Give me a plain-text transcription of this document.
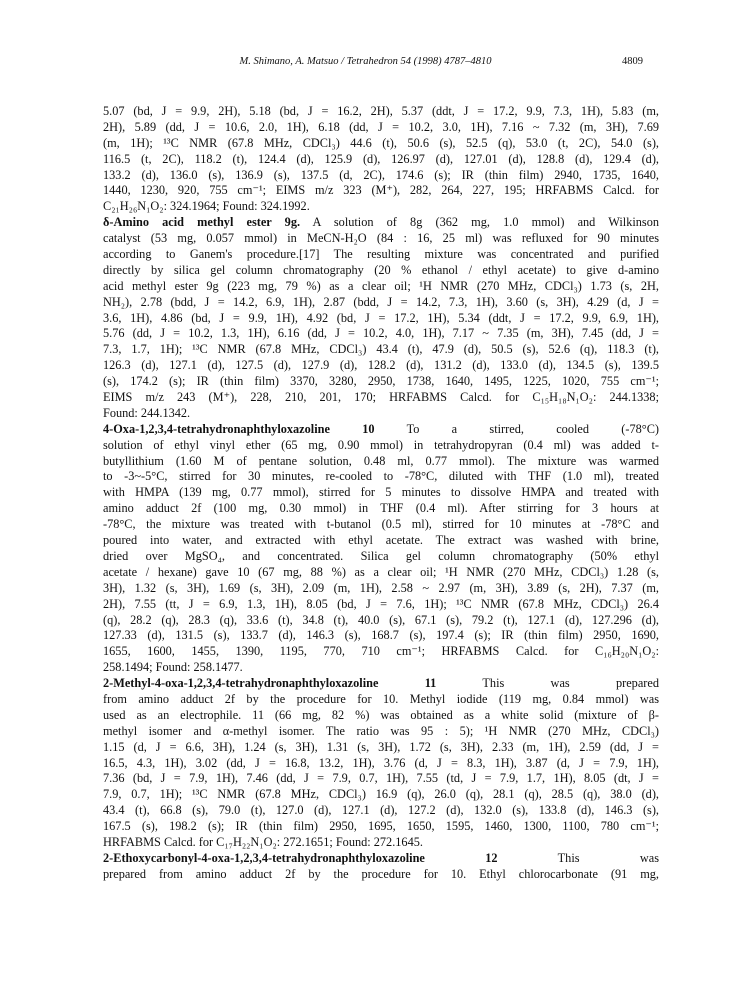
M. Shimano, A. Matsuo / Tetrahedron 54 (1998) 4787–4810	4809
5.07 (bd, J = 9.9, 2H), 5.18 (bd, J = 16.2, 2H), 5.37 (ddt, J = 17.2, 9.9, 7.3, 1H), 5.83 (m,
2H), 5.89 (dd, J = 10.6, 2.0, 1H), 6.18 (dd, J = 10.2, 3.0, 1H), 7.16 ~ 7.32 (m, 3H), 7.69
(m, 1H); ¹³C NMR (67.8 MHz, CDCl₃) 44.6 (t), 50.6 (s), 52.5 (q), 53.0 (t, 2C), 54.0 (s),
116.5 (t, 2C), 118.2 (t), 124.4 (d), 125.9 (d), 126.97 (d), 127.01 (d), 128.8 (d), 129.4 (d),
133.2 (d), 136.0 (s), 136.9 (s), 137.5 (d, 2C), 174.6 (s); IR (thin film) 2940, 1735, 1640,
1440, 1230, 920, 755 cm⁻¹; EIMS m/z 323 (M⁺), 282, 264, 227, 195; HRFABMS Calcd. for
C₂₁H₂₆N₁O₂: 324.1964; Found: 324.1992.
δ-Amino acid methyl ester 9g. A solution of 8g (362 mg, 1.0 mmol) and Wilkinson
catalyst (53 mg, 0.057 mmol) in MeCN-H₂O (84 : 16, 25 ml) was refluxed for 90 minutes
according to Ganem's procedure.[17] The resulting mixture was concentrated and purified
directly by silica gel column chromatography (20 % ethanol / ethyl acetate) to give d-amino
acid methyl ester 9g (223 mg, 79 %) as a clear oil; ¹H NMR (270 MHz, CDCl₃) 1.73 (s, 2H,
NH₂), 2.78 (bdd, J = 14.2, 6.9, 1H), 2.87 (bdd, J = 14.2, 7.3, 1H), 3.60 (s, 3H), 4.29 (d, J =
3.6, 1H), 4.86 (bd, J = 9.9, 1H), 4.92 (bd, J = 17.2, 1H), 5.34 (ddt, J = 17.2, 9.9, 6.9, 1H),
5.76 (dd, J = 10.2, 1.3, 1H), 6.16 (dd, J = 10.2, 4.0, 1H), 7.17 ~ 7.35 (m, 3H), 7.45 (dd, J =
7.3, 1.7, 1H); ¹³C NMR (67.8 MHz, CDCl₃) 43.4 (t), 47.9 (d), 50.5 (s), 52.6 (q), 118.3 (t),
126.3 (d), 127.1 (d), 127.5 (d), 127.9 (d), 128.2 (d), 131.2 (d), 133.0 (d), 134.5 (s), 139.5
(s), 174.2 (s); IR (thin film) 3370, 3280, 2950, 1738, 1640, 1495, 1225, 1020, 755 cm⁻¹;
EIMS m/z 243 (M⁺), 228, 210, 201, 170; HRFABMS Calcd. for C₁₅H₁₈N₁O₂: 244.1338;
Found: 244.1342.
4-Oxa-1,2,3,4-tetrahydronaphthyloxazoline 10 To a stirred, cooled (-78°C)
solution of ethyl vinyl ether (65 mg, 0.90 mmol) in tetrahydropyran (0.4 ml) was added t-
butyllithium (1.60 M of pentane solution, 0.48 ml, 0.77 mmol). The mixture was warmed
to -3~-5°C, stirred for 30 minutes, re-cooled to -78°C, diluted with THF (1.0 ml), treated
with HMPA (139 mg, 0.77 mmol), stirred for 5 minutes to dissolve HMPA and treated with
amino adduct 2f (100 mg, 0.30 mmol) in THF (0.4 ml). After stirring for 3 hours at
-78°C, the mixture was treated with t-butanol (0.5 ml), stirred for 10 minutes at -78°C and
poured into water, and extracted with ethyl acetate. The extract was washed with brine,
dried over MgSO₄, and concentrated. Silica gel column chromatography (50% ethyl
acetate / hexane) gave 10 (67 mg, 88 %) as a clear oil; ¹H NMR (270 MHz, CDCl₃) 1.28 (s,
3H), 1.32 (s, 3H), 1.69 (s, 3H), 2.09 (m, 1H), 2.58 ~ 2.97 (m, 3H), 3.89 (s, 2H), 7.37 (m,
2H), 7.55 (tt, J = 6.9, 1.3, 1H), 8.05 (bd, J = 7.6, 1H); ¹³C NMR (67.8 MHz, CDCl₃) 26.4
(q), 28.2 (q), 28.3 (q), 33.6 (t), 34.8 (t), 40.0 (s), 67.1 (s), 79.2 (t), 127.1 (d), 127.296 (d),
127.33 (d), 131.5 (s), 133.7 (d), 146.3 (s), 168.7 (s), 197.4 (s); IR (thin film) 2950, 1690,
1655, 1600, 1455, 1390, 1195, 770, 710 cm⁻¹; HRFABMS Calcd. for C₁₆H₂₀N₁O₂:
258.1494; Found: 258.1477.
2-Methyl-4-oxa-1,2,3,4-tetrahydronaphthyloxazoline 11 This was prepared
from amino adduct 2f by the procedure for 10. Methyl iodide (119 mg, 0.84 mmol) was
used as an electrophile. 11 (66 mg, 82 %) was obtained as a white solid (mixture of β-
methyl isomer and α-methyl isomer. The ratio was 95 : 5); ¹H NMR (270 MHz, CDCl₃)
1.15 (d, J = 6.6, 3H), 1.24 (s, 3H), 1.31 (s, 3H), 1.72 (s, 3H), 2.33 (m, 1H), 2.59 (dd, J =
16.5, 4.3, 1H), 3.02 (dd, J = 16.8, 13.2, 1H), 3.76 (d, J = 8.3, 1H), 3.87 (d, J = 7.9, 1H),
7.36 (bd, J = 7.9, 1H), 7.46 (dd, J = 7.9, 0.7, 1H), 7.55 (td, J = 7.9, 1.7, 1H), 8.05 (dt, J =
7.9, 0.7, 1H); ¹³C NMR (67.8 MHz, CDCl₃) 16.9 (q), 26.0 (q), 28.1 (q), 28.5 (q), 38.0 (d),
43.4 (t), 66.8 (s), 79.0 (t), 127.0 (d), 127.1 (d), 127.2 (d), 132.0 (s), 133.8 (d), 146.3 (s),
167.5 (s), 198.2 (s); IR (thin film) 2950, 1695, 1650, 1595, 1460, 1300, 1100, 780 cm⁻¹;
HRFABMS Calcd. for C₁₇H₂₂N₁O₂: 272.1651; Found: 272.1645.
2-Ethoxycarbonyl-4-oxa-1,2,3,4-tetrahydronaphthyloxazoline 12 This was
prepared from amino adduct 2f by the procedure for 10. Ethyl chlorocarbonate (91 mg,
